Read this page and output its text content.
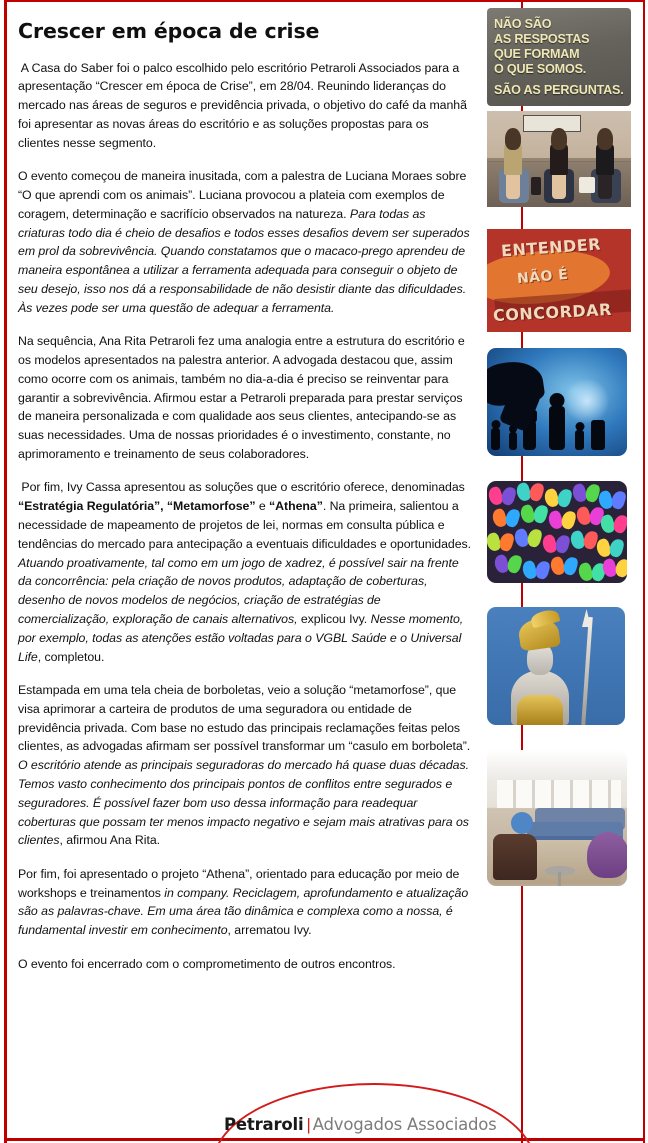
Crescer em época de crise
A Casa do Saber foi o palco escolhido pelo escritório Petraroli Associados para a apresentação “Crescer em época de Crise”, em 28/04. Reunindo lideranças do mercado nas áreas de seguros e previdência privada, o objetivo do café da manhã foi apresentar as novas áreas do escritório e as soluções propostas para os clientes nesse segmento.
O evento começou de maneira inusitada, com a palestra de Luciana Moraes sobre “O que aprendi com os animais”. Luciana provocou a plateia com exemplos de coragem, determinação e sacrifício observados na natureza. Para todas as criaturas todo dia é cheio de desafios e todos esses desafios devem ser superados em prol da sobrevivência. Quando constatamos que o macaco-prego aprendeu de maneira espontânea a utilizar a ferramenta adequada para conseguir o objeto de seu desejo, isso nos dá a responsabilidade de não desistir diante das dificuldades. Às vezes pode ser uma questão de adequar a ferramenta.
Na sequência, Ana Rita Petraroli fez uma analogia entre a estrutura do escritório e os modelos apresentados na palestra anterior. A advogada destacou que, assim como ocorre com os animais, também no dia-a-dia é preciso se reinventar para garantir a sobrevivência. Afirmou estar a Petraroli preparada para prestar serviços de maneira personalizada e com qualidade aos seus clientes, antecipando-se as suas necessidades. Uma de nossas prioridades é o investimento, constante, no aprimoramento e treinamento de seus colaboradores.
Por fim, Ivy Cassa apresentou as soluções que o escritório oferece, denominadas “Estratégia Regulatória”, “Metamorfose” e “Athena”. Na primeira, salientou a necessidade de mapeamento de projetos de lei, normas em consulta pública e tendências do mercado para antecipação a eventuais dificuldades e oportunidades. Atuando proativamente, tal como em um jogo de xadrez, é possível sair na frente da concorrência: pela criação de novos produtos, adaptação de coberturas, desenho de novos modelos de negócios, criação de estratégias de comercialização, exploração de canais alternativos, explicou Ivy. Nesse momento, por exemplo, todas as atenções estão voltadas para o VGBL Saúde e o Universal Life, completou.
Estampada em uma tela cheia de borboletas, veio a solução “metamorfose”, que visa aprimorar a carteira de produtos de uma seguradora ou entidade de previdência privada. Com base no estudo das principais reclamações feitas pelos clientes, as advogadas afirmam ser possível transformar um “casulo em borboleta”. O escritório atende as principais seguradoras do mercado há quase duas décadas. Temos vasto conhecimento dos principais pontos de conflitos entre segurados e seguradores. É possível fazer bom uso dessa informação para readequar coberturas que possam ter menos impacto negativo e sejam mais atrativas para os clientes, afirmou Ana Rita.
Por fim, foi apresentado o projeto “Athena”, orientado para educação por meio de workshops e treinamentos in company. Reciclagem, aprofundamento e atualização são as palavras-chave. Em uma área tão dinâmica e complexa como a nossa, é fundamental investir em conhecimento, arrematou Ivy.
O evento foi encerrado com o comprometimento de outros encontros.
NÃO SÃO
AS RESPOSTAS
QUE FORMAM
O QUE SOMOS.
SÃO AS PERGUNTAS.
ENTENDER
NÃO É
CONCORDAR
Petraroli | Advogados Associados
